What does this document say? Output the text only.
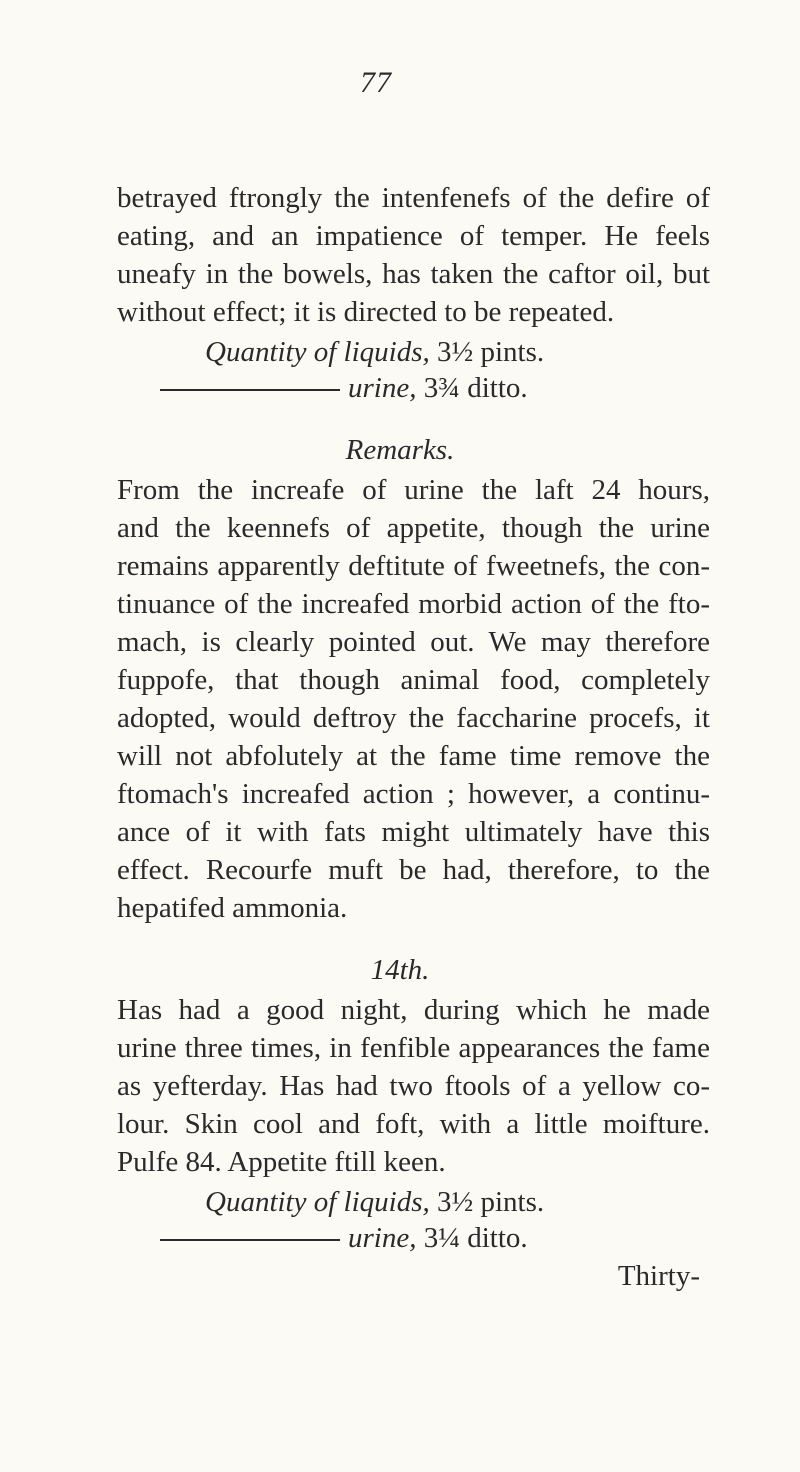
77
betrayed ftrongly the intenfenefs of the defire of
eating, and an impatience of temper. He feels
uneafy in the bowels, has taken the caftor oil, but
without effect; it is directed to be repeated.
Quantity of liquids, 3½ pints.
urine, 3¾ ditto.
Remarks.
From the increafe of urine the laft 24 hours,
and the keennefs of appetite, though the urine
remains apparently deftitute of fweetnefs, the con-
tinuance of the increafed morbid action of the fto-
mach, is clearly pointed out. We may therefore
fuppofe, that though animal food, completely
adopted, would deftroy the faccharine procefs, it
will not abfolutely at the fame time remove the
ftomach's increafed action ; however, a continu-
ance of it with fats might ultimately have this
effect. Recourfe muft be had, therefore, to the
hepatifed ammonia.
14th.
Has had a good night, during which he made
urine three times, in fenfible appearances the fame
as yefterday. Has had two ftools of a yellow co-
lour. Skin cool and foft, with a little moifture.
Pulfe 84. Appetite ftill keen.
Quantity of liquids, 3½ pints.
urine, 3¼ ditto.
Thirty-
